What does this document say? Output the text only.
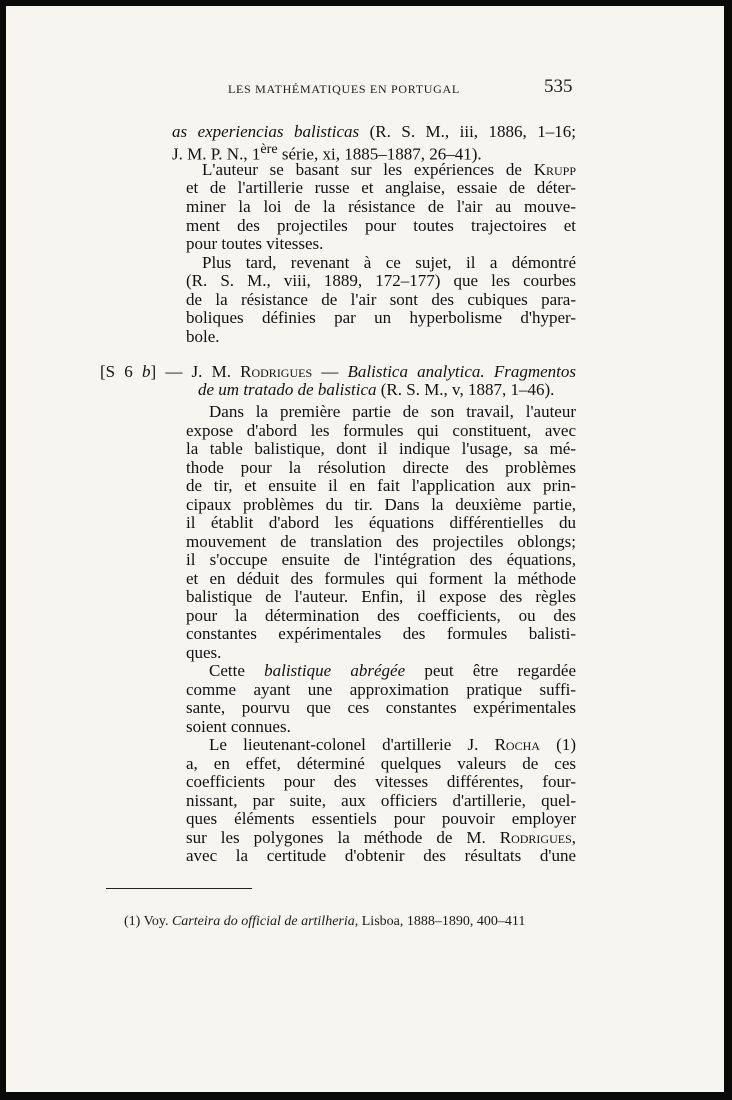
LES MATHÉMATIQUES EN PORTUGAL	535
as experiencias balisticas (R. S. M., iii, 1886, 1–16;
J. M. P. N., 1ère série, xi, 1885–1887, 26–41).
L'auteur se basant sur les expériences de Krupp
et de l'artillerie russe et anglaise, essaie de déter-
miner la loi de la résistance de l'air au mouve-
ment des projectiles pour toutes trajectoires et
pour toutes vitesses.
Plus tard, revenant à ce sujet, il a démontré
(R. S. M., viii, 1889, 172–177) que les courbes
de la résistance de l'air sont des cubiques para-
boliques définies par un hyperbolisme d'hyper-
bole.
[S 6 b] — J. M. Rodrigues — Balistica analytica. Fragmentos
de um tratado de balistica (R. S. M., v, 1887, 1–46).
Dans la première partie de son travail, l'auteur
expose d'abord les formules qui constituent, avec
la table balistique, dont il indique l'usage, sa mé-
thode pour la résolution directe des problèmes
de tir, et ensuite il en fait l'application aux prin-
cipaux problèmes du tir. Dans la deuxième partie,
il établit d'abord les équations différentielles du
mouvement de translation des projectiles oblongs;
il s'occupe ensuite de l'intégration des équations,
et en déduit des formules qui forment la méthode
balistique de l'auteur. Enfin, il expose des règles
pour la détermination des coefficients, ou des
constantes expérimentales des formules balisti-
ques.
Cette balistique abrégée peut être regardée
comme ayant une approximation pratique suffi-
sante, pourvu que ces constantes expérimentales
soient connues.
Le lieutenant-colonel d'artillerie J. Rocha (1)
a, en effet, déterminé quelques valeurs de ces
coefficients pour des vitesses différentes, four-
nissant, par suite, aux officiers d'artillerie, quel-
ques éléments essentiels pour pouvoir employer
sur les polygones la méthode de M. Rodrigues,
avec la certitude d'obtenir des résultats d'une
(1) Voy. Carteira do official de artilheria, Lisboa, 1888–1890, 400–411
